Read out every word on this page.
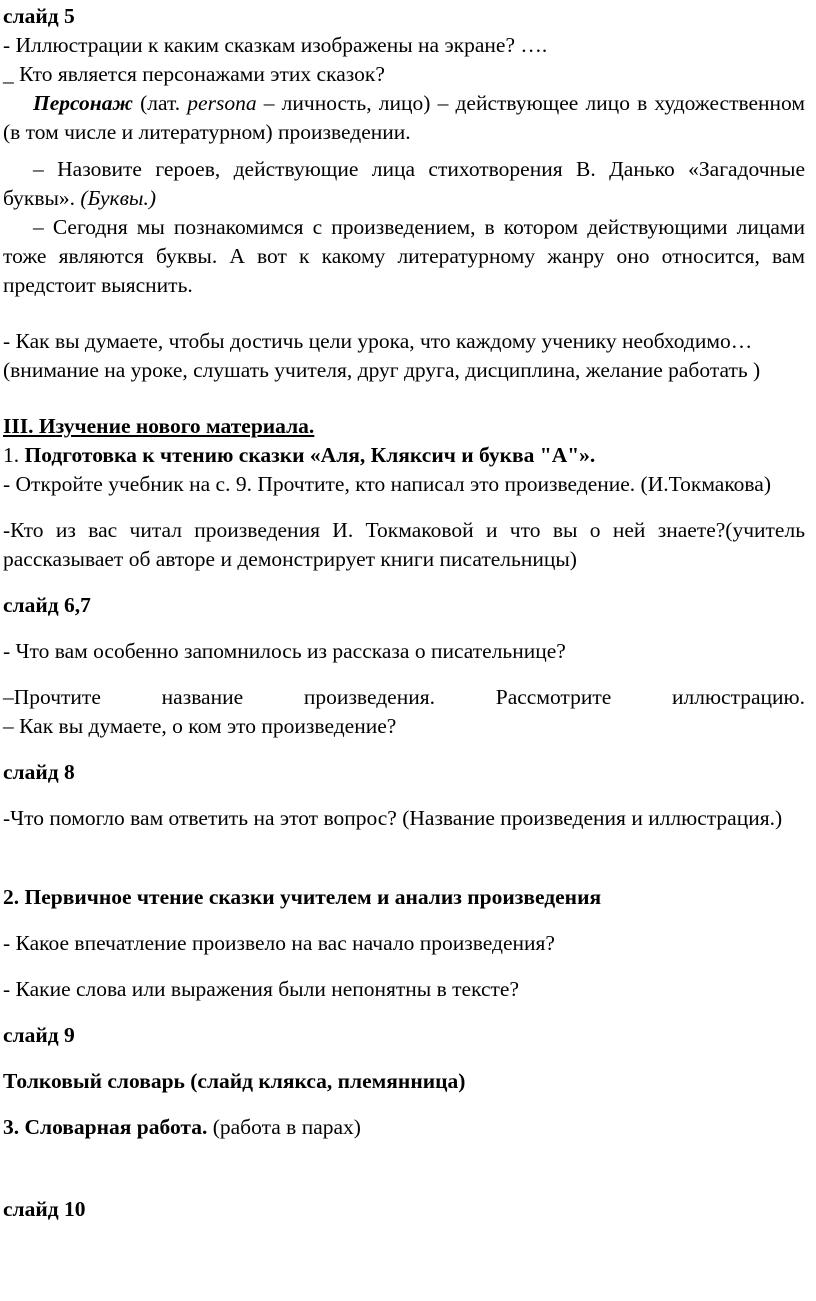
слайд 5

- Иллюстрации к каким сказкам изображены на экране? ….

_ Кто является персонажами этих сказок?

Персонаж (лат. persona – личность, лицо) – действующее лицо в художественном (в том числе и литературном) произведении.

– Назовите героев, действующие лица стихотворения В. Данько «Загадочные буквы». (Буквы.)

– Сегодня мы познакомимся с произведением, в котором действующими лицами тоже являются буквы. А вот к какому литературному жанру оно относится, вам предстоит выяснить.

- Как вы думаете, чтобы достичь цели урока, что каждому ученику необходимо…(внимание на уроке, слушать учителя, друг друга, дисциплина, желание работать )

III. Изучение нового материала.

1. Подготовка к чтению сказки «Аля, Кляксич и буква "А"».

- Откройте учебник на с. 9. Прочтите, кто написал это произведение. (И.Токмакова)

-Кто из вас читал произведения И. Токмаковой и что вы о ней знаете?(учитель рассказывает об авторе и демонстрирует книги писательницы)

слайд 6,7

- Что вам особенно запомнилось из рассказа о писательнице?

–Прочтите название произведения. Рассмотрите иллюстрацию.

– Как вы думаете, о ком это произведение?

слайд 8

-Что помогло вам ответить на этот вопрос? (Название произведения и иллюстрация.)

2. Первичное чтение сказки учителем и анализ произведения

- Какое впечатление произвело на вас начало произведения?

- Какие слова или выражения были непонятны в тексте?

слайд 9

Толковый словарь (слайд клякса, племянница)

3. Словарная работа. (работа в парах)

слайд 10
